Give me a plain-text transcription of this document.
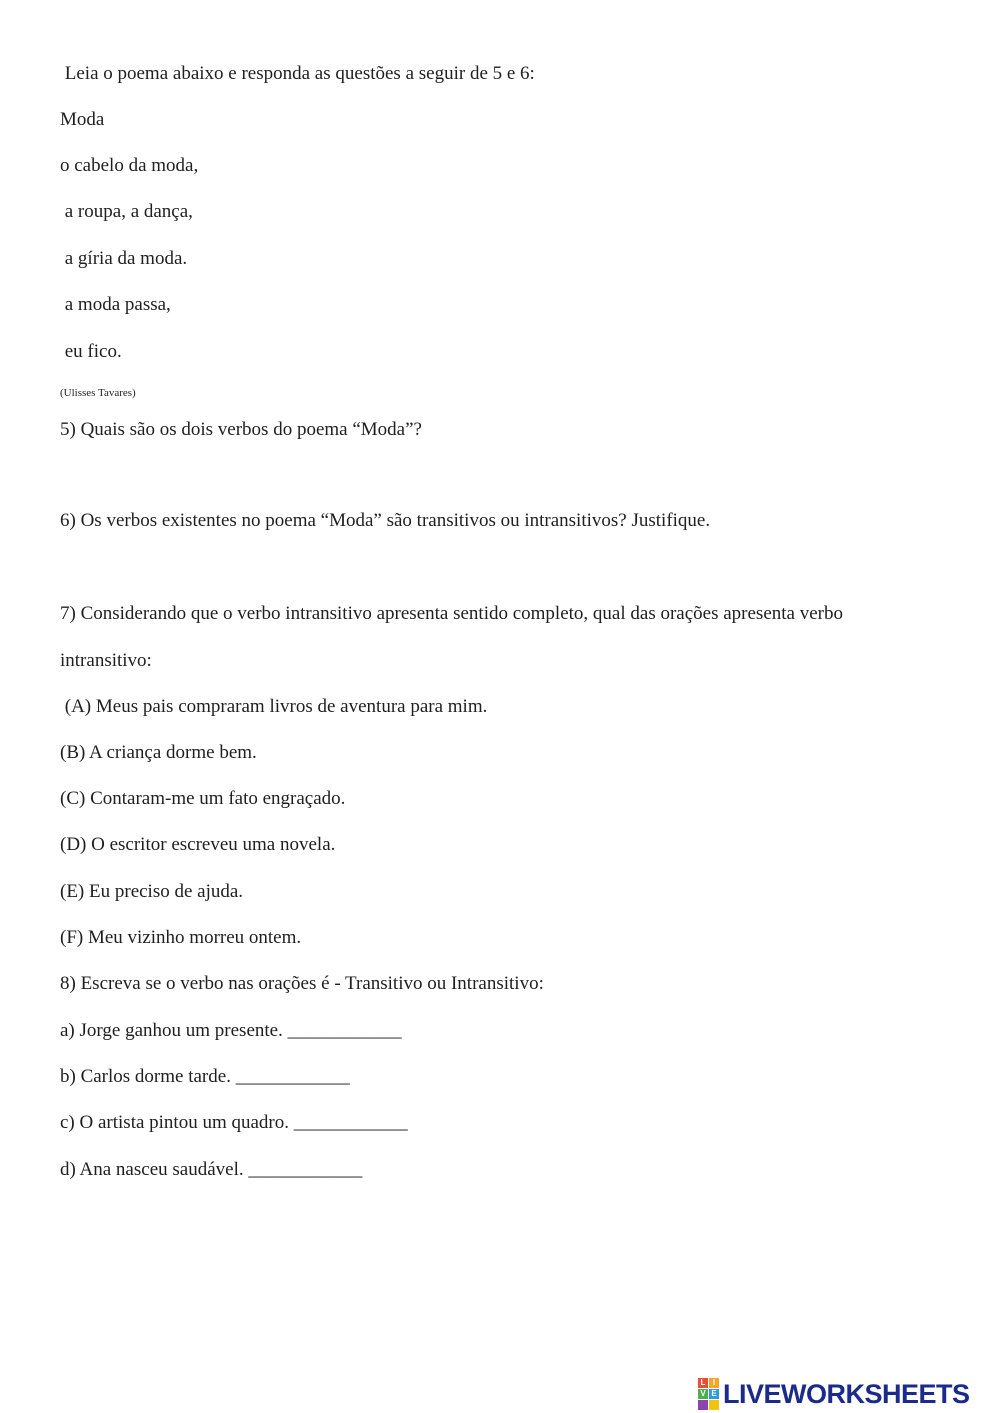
Leia o poema abaixo e responda as questões a seguir de 5 e 6:
Moda
o cabelo da moda,
a roupa, a dança,
a gíria da moda.
a moda passa,
eu fico.
(Ulisses Tavares)
5) Quais são os dois verbos do poema “Moda”?
6) Os verbos existentes no poema “Moda” são transitivos ou intransitivos? Justifique.
7) Considerando que o verbo intransitivo apresenta sentido completo, qual das orações apresenta verbo
intransitivo:
(A) Meus pais compraram livros de aventura para mim.
(B) A criança dorme bem.
(C) Contaram-me um fato engraçado.
(D) O escritor escreveu uma novela.
(E) Eu preciso de ajuda.
(F) Meu vizinho morreu ontem.
8) Escreva se o verbo nas orações é - Transitivo ou Intransitivo:
a) Jorge ganhou um presente. ____________
b) Carlos dorme tarde. ____________
c) O artista pintou um quadro. ____________
d) Ana nasceu saudável. ____________
L I
V E LIVEWORKSHEETS
